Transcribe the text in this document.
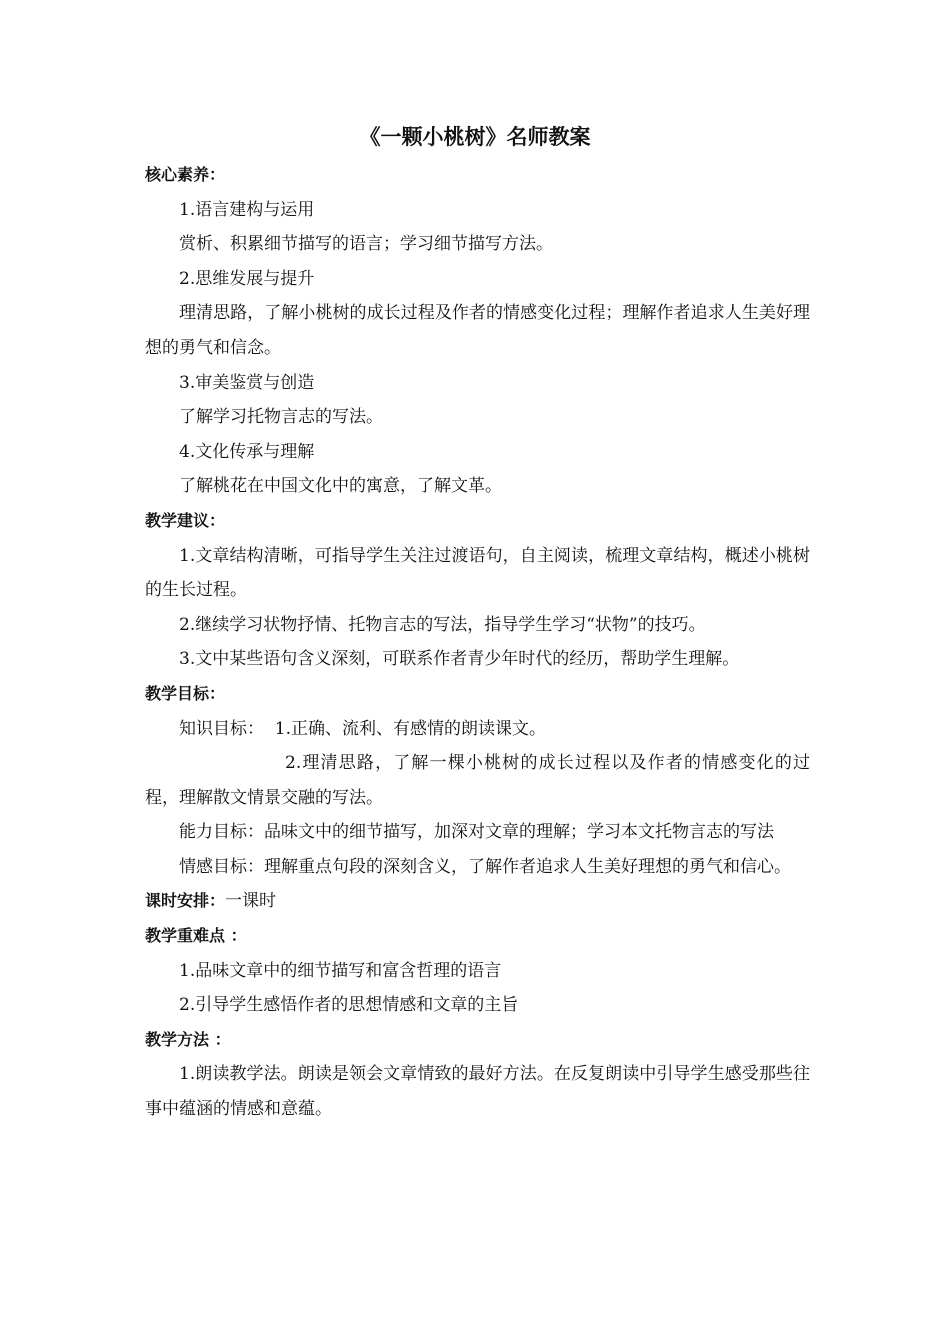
《一颗小桃树》名师教案

核心素养：

1.语言建构与运用

赏析、积累细节描写的语言；学习细节描写方法。

2.思维发展与提升

理清思路，了解小桃树的成长过程及作者的情感变化过程；理解作者追求人生美好理想的勇气和信念。

3.审美鉴赏与创造

了解学习托物言志的写法。

4.文化传承与理解

了解桃花在中国文化中的寓意，了解文革。

教学建议：

1.文章结构清晰，可指导学生关注过渡语句，自主阅读，梳理文章结构，概述小桃树的生长过程。

2.继续学习状物抒情、托物言志的写法，指导学生学习“状物”的技巧。

3.文中某些语句含义深刻，可联系作者青少年时代的经历，帮助学生理解。

教学目标：

知识目标：  1.正确、流利、有感情的朗读课文。

2.理清思路，了解一棵小桃树的成长过程以及作者的情感变化的过程，理解散文情景交融的写法。

能力目标：品味文中的细节描写，加深对文章的理解；学习本文托物言志的写法

情感目标：理解重点句段的深刻含义，了解作者追求人生美好理想的勇气和信心。

课时安排：一课时

教学重难点 ：

1.品味文章中的细节描写和富含哲理的语言

2.引导学生感悟作者的思想情感和文章的主旨

教学方法 ：

1.朗读教学法。朗读是领会文章情致的最好方法。在反复朗读中引导学生感受那些往事中蕴涵的情感和意蕴。
